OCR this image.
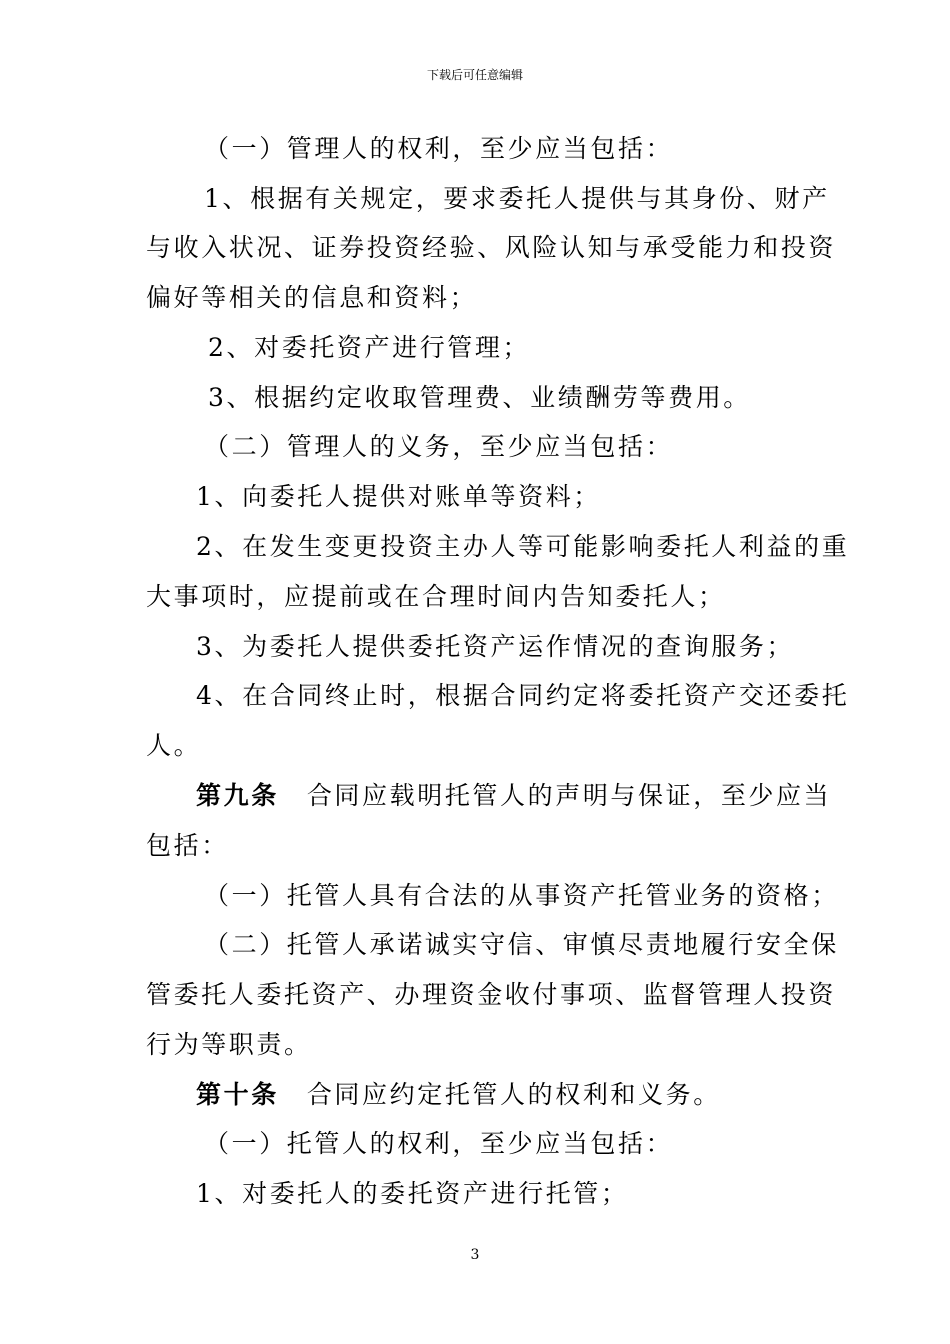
下载后可任意编辑
（一）管理人的权利，至少应当包括：
1、根据有关规定，要求委托人提供与其身份、财产
与收入状况、证券投资经验、风险认知与承受能力和投资
偏好等相关的信息和资料；
2、对委托资产进行管理；
3、根据约定收取管理费、业绩酬劳等费用。
（二）管理人的义务，至少应当包括：
1、向委托人提供对账单等资料；
2、在发生变更投资主办人等可能影响委托人利益的重
大事项时，应提前或在合理时间内告知委托人；
3、为委托人提供委托资产运作情况的查询服务；
4、在合同终止时，根据合同约定将委托资产交还委托
人。
第九条 合同应载明托管人的声明与保证，至少应当
包括：
（一）托管人具有合法的从事资产托管业务的资格；
（二）托管人承诺诚实守信、审慎尽责地履行安全保
管委托人委托资产、办理资金收付事项、监督管理人投资
行为等职责。
第十条 合同应约定托管人的权利和义务。
（一）托管人的权利，至少应当包括：
1、对委托人的委托资产进行托管；
3
